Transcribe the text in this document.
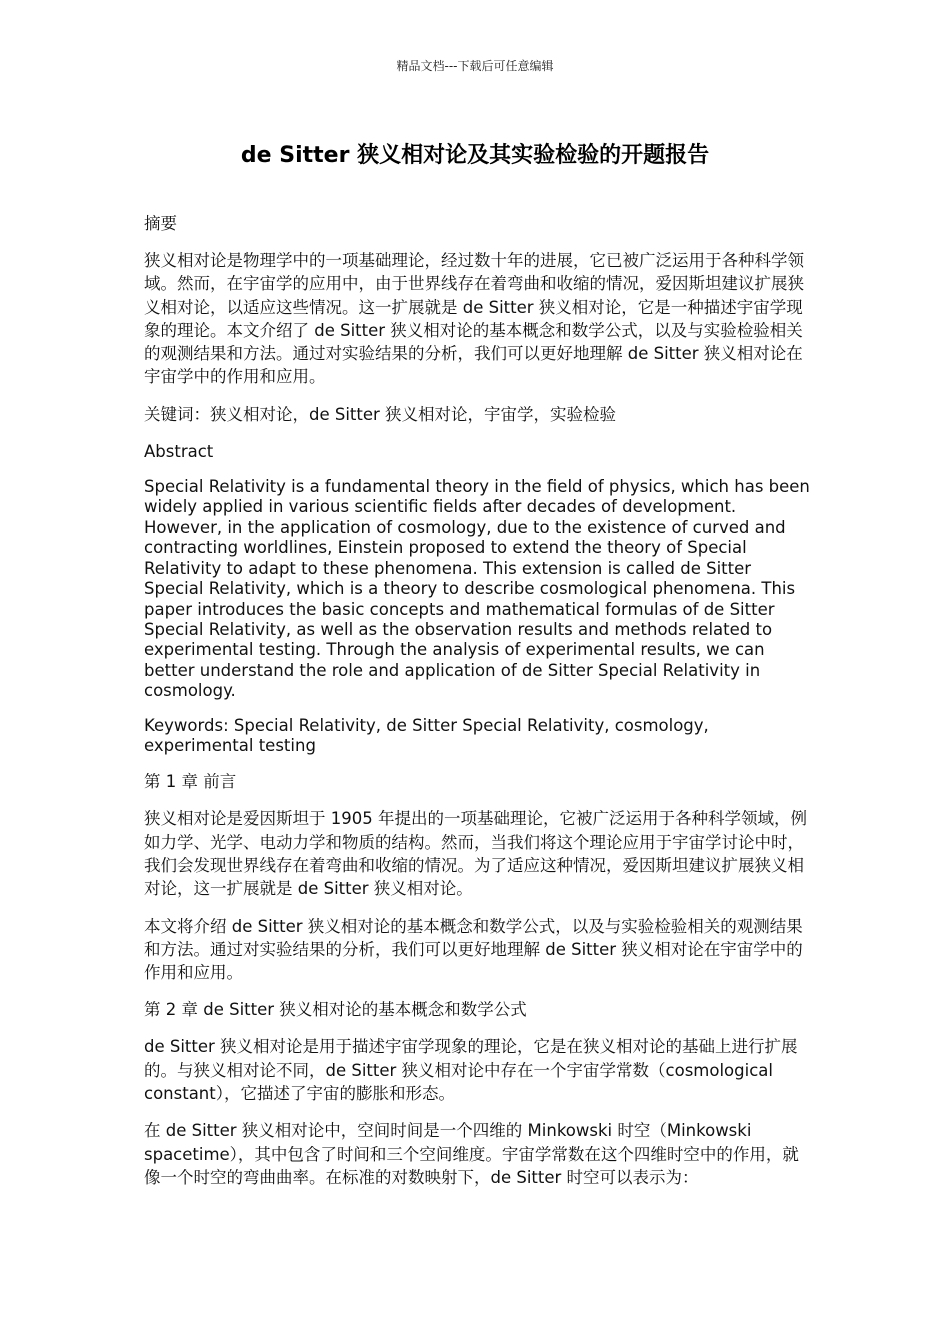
精品文档---下载后可任意编辑
de Sitter 狭义相对论及其实验检验的开题报告
摘要

狭义相对论是物理学中的一项基础理论，经过数十年的进展，它已被广泛运用于各种科学领域。然而，在宇宙学的应用中，由于世界线存在着弯曲和收缩的情况，爱因斯坦建议扩展狭义相对论，以适应这些情况。这一扩展就是 de Sitter 狭义相对论，它是一种描述宇宙学现象的理论。本文介绍了 de Sitter 狭义相对论的基本概念和数学公式，以及与实验检验相关的观测结果和方法。通过对实验结果的分析，我们可以更好地理解 de Sitter 狭义相对论在宇宙学中的作用和应用。

关键词：狭义相对论，de Sitter 狭义相对论，宇宙学，实验检验

Abstract

Special Relativity is a fundamental theory in the field of physics, which has been widely applied in various scientific fields after decades of development. However, in the application of cosmology, due to the existence of curved and contracting worldlines, Einstein proposed to extend the theory of Special Relativity to adapt to these phenomena. This extension is called de Sitter Special Relativity, which is a theory to describe cosmological phenomena. This paper introduces the basic concepts and mathematical formulas of de Sitter Special Relativity, as well as the observation results and methods related to experimental testing. Through the analysis of experimental results, we can better understand the role and application of de Sitter Special Relativity in cosmology.

Keywords: Special Relativity, de Sitter Special Relativity, cosmology, experimental testing

第 1 章 前言

狭义相对论是爱因斯坦于 1905 年提出的一项基础理论，它被广泛运用于各种科学领域，例如力学、光学、电动力学和物质的结构。然而，当我们将这个理论应用于宇宙学讨论中时，我们会发现世界线存在着弯曲和收缩的情况。为了适应这种情况，爱因斯坦建议扩展狭义相对论，这一扩展就是 de Sitter 狭义相对论。

本文将介绍 de Sitter 狭义相对论的基本概念和数学公式，以及与实验检验相关的观测结果和方法。通过对实验结果的分析，我们可以更好地理解 de Sitter 狭义相对论在宇宙学中的作用和应用。

第 2 章 de Sitter 狭义相对论的基本概念和数学公式

de Sitter 狭义相对论是用于描述宇宙学现象的理论，它是在狭义相对论的基础上进行扩展的。与狭义相对论不同，de Sitter 狭义相对论中存在一个宇宙学常数（cosmological constant），它描述了宇宙的膨胀和形态。

在 de Sitter 狭义相对论中，空间时间是一个四维的 Minkowski 时空（Minkowski spacetime），其中包含了时间和三个空间维度。宇宙学常数在这个四维时空中的作用，就像一个时空的弯曲曲率。在标准的对数映射下，de Sitter 时空可以表示为：
